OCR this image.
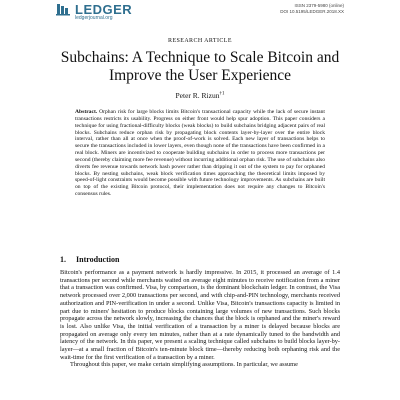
LEDGER
ledgerjournal.org
ISSN 2379-5980 (online)
DOI 10.5195/LEDGER.2018.XX
RESEARCH ARTICLE
Subchains: A Technique to Scale Bitcoin and Improve the User Experience
Peter R. Rizun$^{\dagger 1}$
Abstract. Orphan risk for large blocks limits Bitcoin's transactional capacity while the lack of secure instant transactions restricts its usability. Progress on either front would help spur adoption. This paper considers a technique for using fractional-difficulty blocks (weak blocks) to build subchains bridging adjacent pairs of real blocks. Subchains reduce orphan risk by propagating block contents layer-by-layer over the entire block interval, rather than all at once when the proof-of-work is solved. Each new layer of transactions helps to secure the transactions included in lower layers, even though none of the transactions have been confirmed in a real block. Miners are incentivized to cooperate building subchains in order to process more transactions per second (thereby claiming more fee revenue) without incurring additional orphan risk. The use of subchains also diverts fee revenue towards network hash power rather than dripping it out of the system to pay for orphaned blocks. By nesting subchains, weak block verification times approaching the theoretical limits imposed by speed-of-light constraints would become possible with future technology improvements. As subchains are built on top of the existing Bitcoin protocol, their implementation does not require any changes to Bitcoin's consensus rules.
1. Introduction

Bitcoin's performance as a payment network is hardly impressive. In 2015, it processed an average of 1.4 transactions per second while merchants waited on average eight minutes to receive notification from a miner that a transaction was confirmed. Visa, by comparison, is the dominant blockchain ledger. In contrast, the Visa network processed over 2,000 transactions per second, and with chip-and-PIN technology, merchants received authorization and PIN-verification in under a second. Unlike Visa, Bitcoin's transactions capacity is limited in part due to miners' hesitation to produce blocks containing large volumes of new transactions. Such blocks propagate across the network slowly, increasing the chances that the block is orphaned and the miner's reward is lost. Also unlike Visa, the initial verification of a transaction by a miner is delayed because blocks are propagated on average only every ten minutes, rather than at a rate dynamically tuned to the bandwidth and latency of the network. In this paper, we present a scaling technique called subchains to build blocks layer-by-layer—at a small fraction of Bitcoin's ten-minute block time—thereby reducing both orphaning risk and the wait-time for the first verification of a transaction by a miner.

Throughout this paper, we make certain simplifying assumptions. In particular, we assume
